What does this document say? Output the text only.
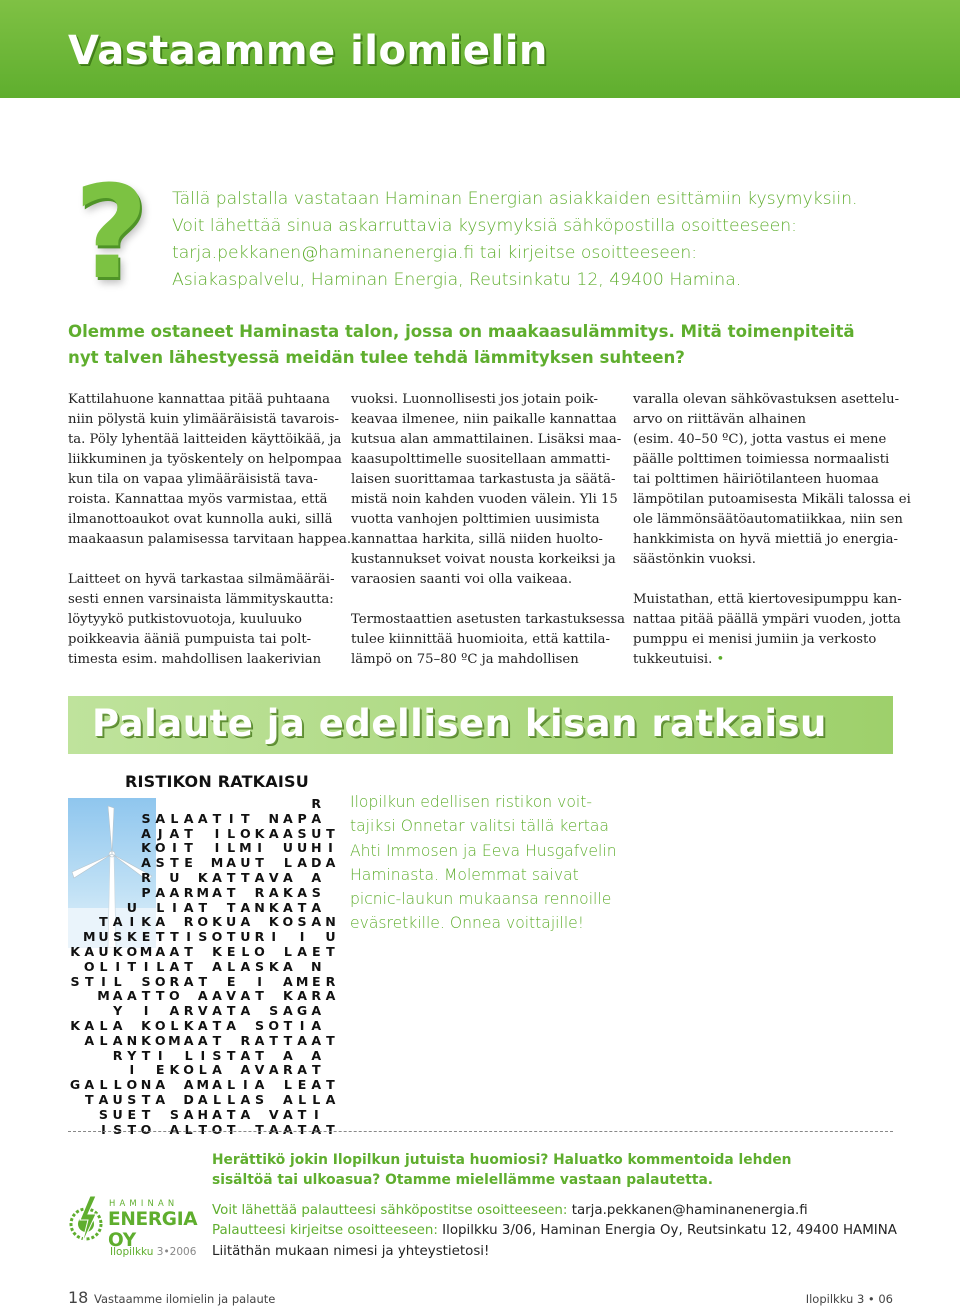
Vastaamme ilomielin
? Tällä palstalla vastataan Haminan Energian asiakkaiden esittämiin kysymyksiin.
Voit lähettää sinua askarruttavia kysymyksiä sähköpostilla osoitteeseen:
tarja.pekkanen@haminanenergia.fi tai kirjeitse osoitteeseen:
Asiakaspalvelu, Haminan Energia, Reutsinkatu 12, 49400 Hamina.
Olemme ostaneet Haminasta talon, jossa on maakaasulämmitys. Mitä toimenpiteitä
nyt talven lähestyessä meidän tulee tehdä lämmityksen suhteen?
Kattilahuone kannattaa pitää puhtaana
niin pölystä kuin ylimääräisistä tavarois-
ta. Pöly lyhentää laitteiden käyttöikää, ja
liikkuminen ja työskentely on helpompaa
kun tila on vapaa ylimääräisistä tava-
roista. Kannattaa myös varmistaa, että
ilmanottoaukot ovat kunnolla auki, sillä
maakaasun palamisessa tarvitaan happea.
Laitteet on hyvä tarkastaa silmämääräi-
sesti ennen varsinaista lämmityskautta:
löytyykö putkistovuotoja, kuuluuko
poikkeavia ääniä pumpuista tai polt-
timesta esim. mahdollisen laakerivian
vuoksi. Luonnollisesti jos jotain poik-
keavaa ilmenee, niin paikalle kannattaa
kutsua alan ammattilainen. Lisäksi maa-
kaasupolttimelle suositellaan ammatti-
laisen suorittamaa tarkastusta ja säätä-
mistä noin kahden vuoden välein. Yli 15
vuotta vanhojen polttimien uusimista
kannattaa harkita, sillä niiden huolto-
kustannukset voivat nousta korkeiksi ja
varaosien saanti voi olla vaikeaa.
Termostaattien asetusten tarkastuksessa
tulee kiinnittää huomioita, että kattila-
lämpö on 75–80 ºC ja mahdollisen
varalla olevan sähkövastuksen asettelu-
arvo on riittävän alhainen
(esim. 40–50 ºC), jotta vastus ei mene
päälle polttimen toimiessa normaalisti
tai polttimen häiriötilanteen huomaa
lämpötilan putoamisesta Mikäli talossa ei
ole lämmönsäätöautomatiikkaa, niin sen
hankkimista on hyvä miettiä jo energia-
säästönkin vuoksi.
Muistathan, että kiertovesipumppu kan-
nattaa pitää päällä ympäri vuoden, jotta
pumppu ei menisi jumiin ja verkosto
tukkeutuisi. •
Palaute ja edellisen kisan ratkaisu
RISTIKON RATKAISU

R

S A L A A T I T
N A P A

A J A T
	I L O K A A S U T

K O I T
	I L M I
	U U H I

A S T E
M A U T
L A D A

R
U
K A T T A V A
A

P A A R M A T
R A K A S

U
L I A T
T A N K A T A

T A I K A
R O K U A
K O S A N

M U S K E T T I S O T U R I
	I
	U
K A U K O M A A T
K E L O
L A E T

O L I T I L A T
A L A S K A
N
S T I L
S O R A T
E
	I
	A M E R

M A A T T O
A A V A T
K A R A

Y
	I
	A R V A T A
S A G A
K A L A
K O L K A T A
S O T I A

A L A N K O M A A T
R A T T A A T

R Y T I
	L I S T A T
A
A

I
	E K O L A
A V A R A T
G A L L O N A
A M A L I A
L E A T

T A U S T A
D A L L A S
A L L A

S U E T
S A H A T A
V A T I

I S T O
A L T O T
T A A T A T
Ilopilkun edellisen ristikon voit-
tajiksi Onnetar valitsi tällä kertaa
Ahti Immosen ja Eeva Husgafvelin
Haminasta. Molemmat saivat
picnic-laukun mukaansa rennoille
eväsretkille. Onnea voittajille!
HAMINAN
ENERGIA OY
Ilopilkku 3•2006
Herättikö jokin Ilopilkun jutuista huomiosi? Haluatko kommentoida lehden
sisältöä tai ulkoasua? Otamme mielellämme vastaan palautetta.
Voit lähettää palautteesi sähköpostitse osoitteeseen: tarja.pekkanen@haminanenergia.fi
Palautteesi kirjeitse osoitteeseen: Ilopilkku 3/06, Haminan Energia Oy, Reutsinkatu 12, 49400 HAMINA
Liitäthän mukaan nimesi ja yhteystietosi!
18 Vastaamme ilomielin ja palaute	Ilopilkku 3 • 06
